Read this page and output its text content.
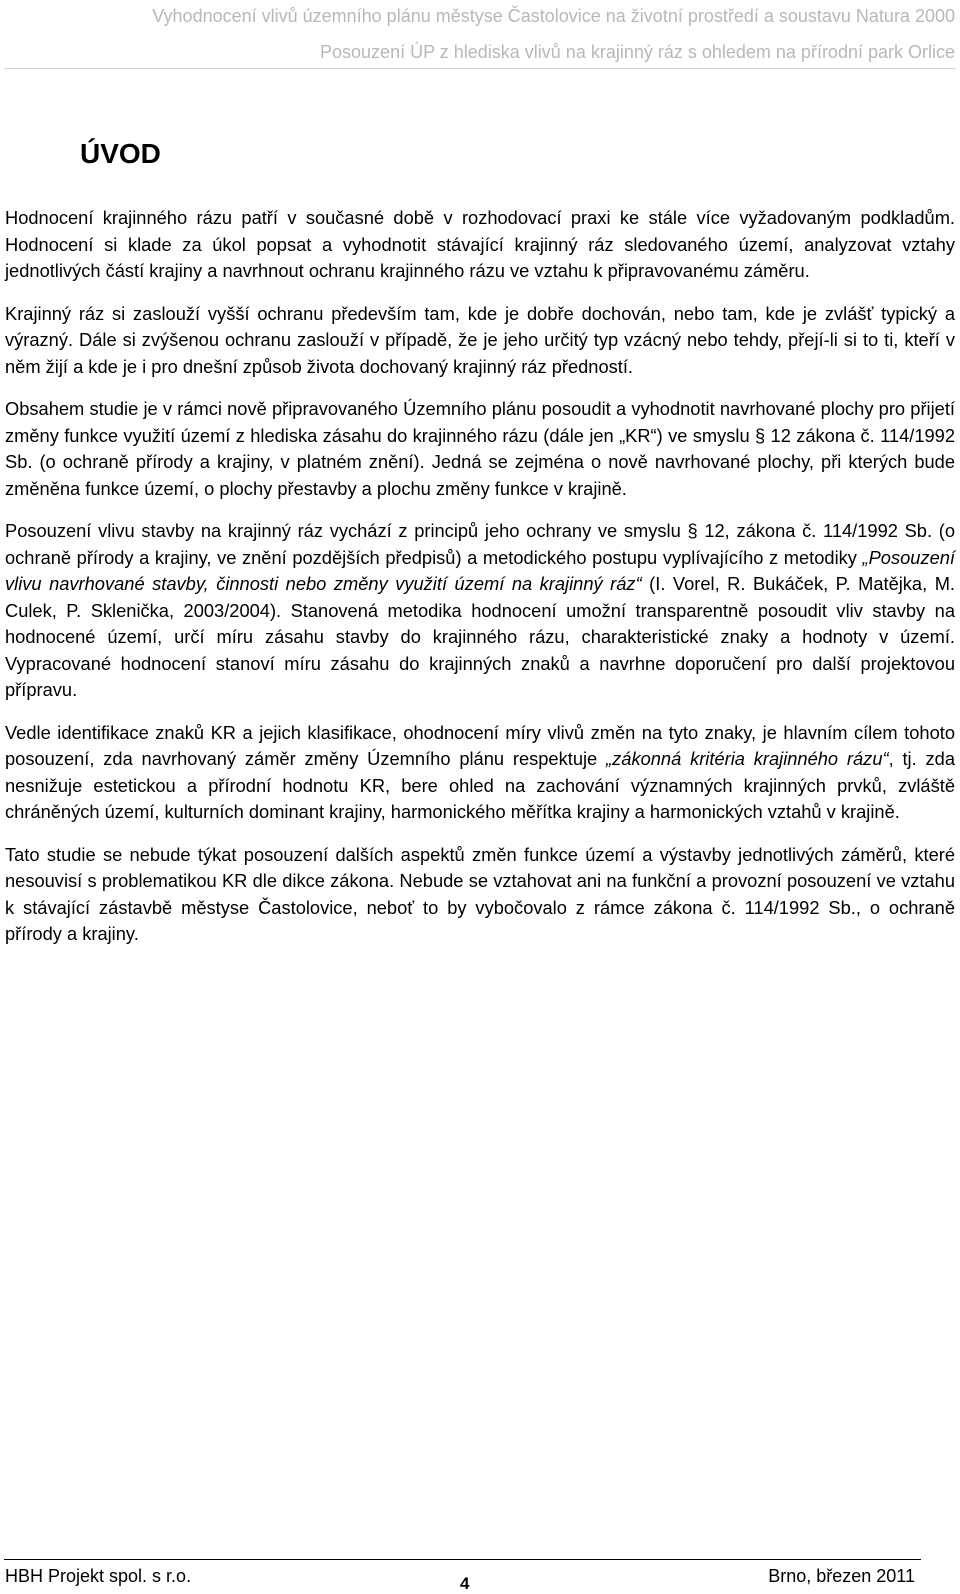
Vyhodnocení vlivů územního plánu městyse Častolovice na životní prostředí a soustavu Natura 2000
Posouzení ÚP z hlediska vlivů na krajinný ráz s ohledem na přírodní park Orlice
ÚVOD

Hodnocení krajinného rázu patří v současné době v rozhodovací praxi ke stále více vyžadovaným podkladům. Hodnocení si klade za úkol popsat a vyhodnotit stávající krajinný ráz sledovaného území, analyzovat vztahy jednotlivých částí krajiny a navrhnout ochranu krajinného rázu ve vztahu k připravovanému záměru.

Krajinný ráz si zaslouží vyšší ochranu především tam, kde je dobře dochován, nebo tam, kde je zvlášť typický a výrazný. Dále si zvýšenou ochranu zaslouží v případě, že je jeho určitý typ vzácný nebo tehdy, přejí-li si to ti, kteří v něm žijí a kde je i pro dnešní způsob života dochovaný krajinný ráz předností.

Obsahem studie je v rámci nově připravovaného Územního plánu posoudit a vyhodnotit navrhované plochy pro přijetí změny funkce využití území z hlediska zásahu do krajinného rázu (dále jen „KR“) ve smyslu § 12 zákona č. 114/1992 Sb. (o ochraně přírody a krajiny, v platném znění). Jedná se zejména o nově navrhované plochy, při kterých bude změněna funkce území, o plochy přestavby a plochu změny funkce v krajině.

Posouzení vlivu stavby na krajinný ráz vychází z principů jeho ochrany ve smyslu § 12, zákona č. 114/1992 Sb. (o ochraně přírody a krajiny, ve znění pozdějších předpisů) a metodického postupu vyplívajícího z metodiky „Posouzení vlivu navrhované stavby, činnosti nebo změny využití území na krajinný ráz“ (I. Vorel, R. Bukáček, P. Matějka, M. Culek, P. Sklenička, 2003/2004). Stanovená metodika hodnocení umožní transparentně posoudit vliv stavby na hodnocené území, určí míru zásahu stavby do krajinného rázu, charakteristické znaky a hodnoty v území. Vypracované hodnocení stanoví míru zásahu do krajinných znaků a navrhne doporučení pro další projektovou přípravu.

Vedle identifikace znaků KR a jejich klasifikace, ohodnocení míry vlivů změn na tyto znaky, je hlavním cílem tohoto posouzení, zda navrhovaný záměr změny Územního plánu respektuje „zákonná kritéria krajinného rázu“, tj. zda nesnižuje estetickou a přírodní hodnotu KR, bere ohled na zachování významných krajinných prvků, zvláště chráněných území, kulturních dominant krajiny, harmonického měřítka krajiny a harmonických vztahů v krajině.

Tato studie se nebude týkat posouzení dalších aspektů změn funkce území a výstavby jednotlivých záměrů, které nesouvisí s problematikou KR dle dikce zákona. Nebude se vztahovat ani na funkční a provozní posouzení ve vztahu k stávající zástavbě městyse Častolovice, neboť to by vybočovalo z rámce zákona č. 114/1992 Sb., o ochraně přírody a krajiny.

HBH Projekt spol. s r.o.	4	Brno, březen 2011
